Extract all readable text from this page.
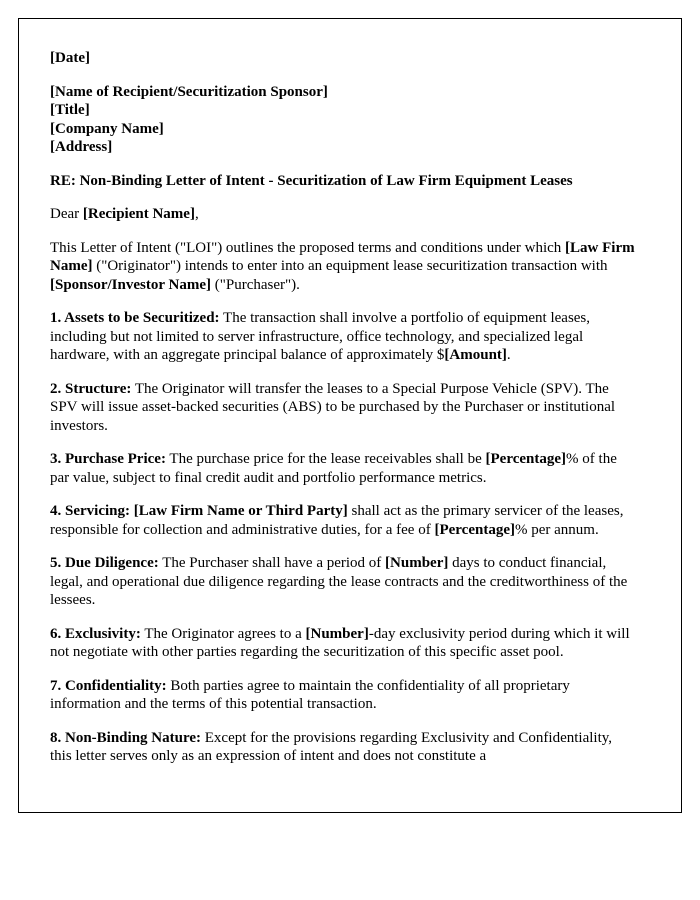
[Date]

[Name of Recipient/Securitization Sponsor]

[Title]

[Company Name]

[Address]

RE: Non-Binding Letter of Intent - Securitization of Law Firm Equipment Leases

Dear [Recipient Name],

This Letter of Intent ("LOI") outlines the proposed terms and conditions under which [Law Firm Name] ("Originator") intends to enter into an equipment lease securitization transaction with [Sponsor/Investor Name] ("Purchaser").

1. Assets to be Securitized: The transaction shall involve a portfolio of equipment leases, including but not limited to server infrastructure, office technology, and specialized legal hardware, with an aggregate principal balance of approximately $[Amount].

2. Structure: The Originator will transfer the leases to a Special Purpose Vehicle (SPV). The SPV will issue asset-backed securities (ABS) to be purchased by the Purchaser or institutional investors.

3. Purchase Price: The purchase price for the lease receivables shall be [Percentage]% of the par value, subject to final credit audit and portfolio performance metrics.

4. Servicing: [Law Firm Name or Third Party] shall act as the primary servicer of the leases, responsible for collection and administrative duties, for a fee of [Percentage]% per annum.

5. Due Diligence: The Purchaser shall have a period of [Number] days to conduct financial, legal, and operational due diligence regarding the lease contracts and the creditworthiness of the lessees.

6. Exclusivity: The Originator agrees to a [Number]-day exclusivity period during which it will not negotiate with other parties regarding the securitization of this specific asset pool.

7. Confidentiality: Both parties agree to maintain the confidentiality of all proprietary information and the terms of this potential transaction.

8. Non-Binding Nature: Except for the provisions regarding Exclusivity and Confidentiality, this letter serves only as an expression of intent and does not constitute a
